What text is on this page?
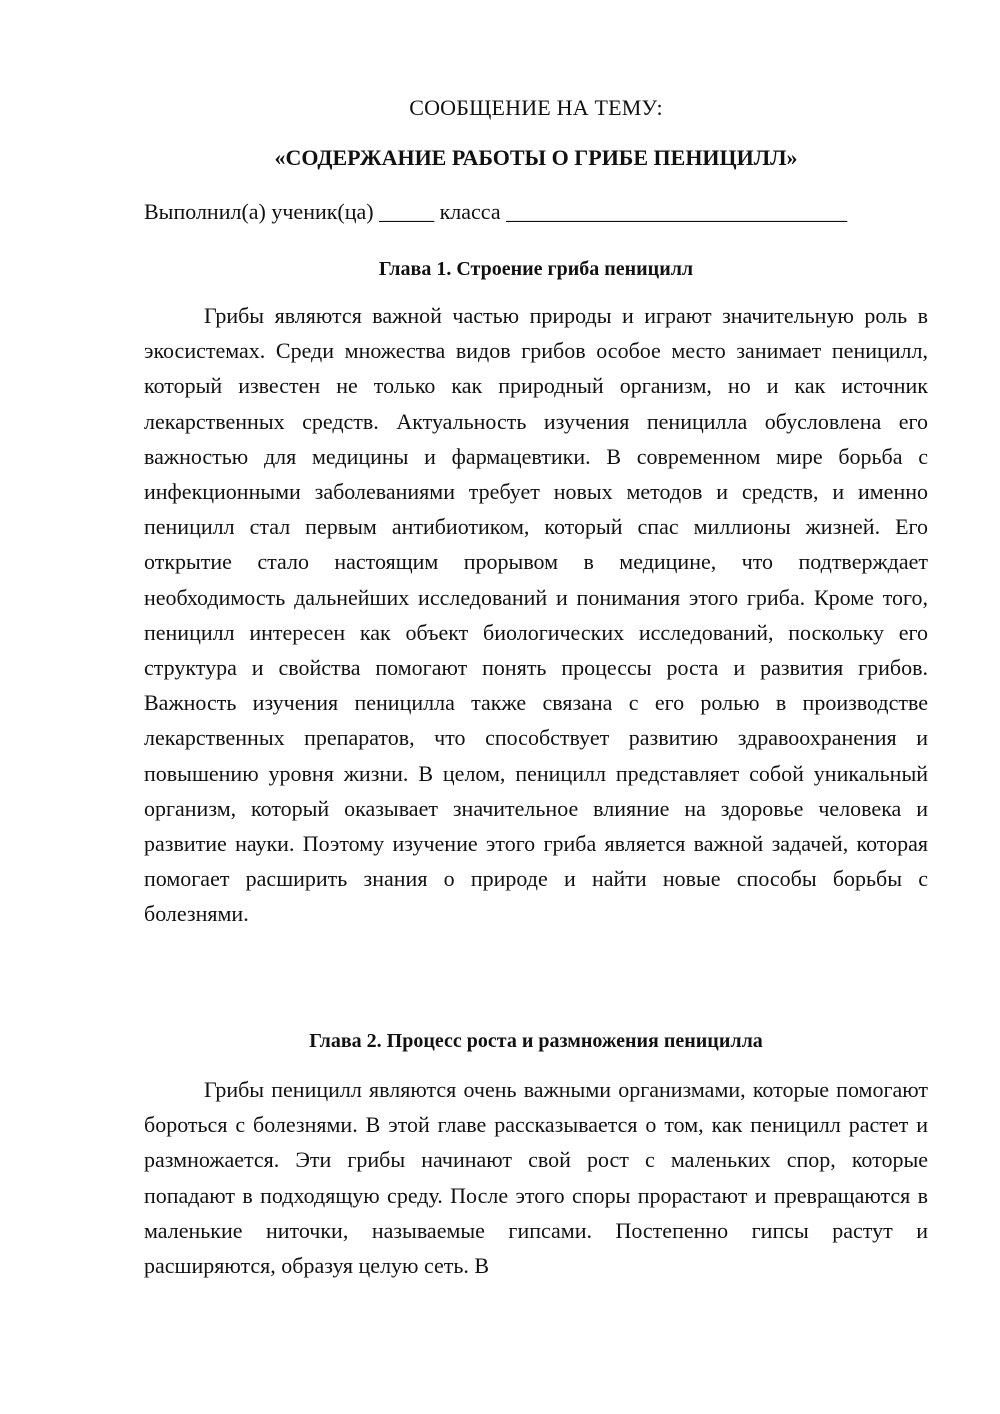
СООБЩЕНИЕ НА ТЕМУ:
«СОДЕРЖАНИЕ РАБОТЫ О ГРИБЕ ПЕНИЦИЛЛ»
Выполнил(а) ученик(ца) _____ класса _______________________________
Глава 1. Строение гриба пеницилл

Грибы являются важной частью природы и играют значительную роль в экосистемах. Среди множества видов грибов особое место занимает пеницилл, который известен не только как природный организм, но и как источник лекарственных средств. Актуальность изучения пеницилла обусловлена его важностью для медицины и фармацевтики. В современном мире борьба с инфекционными заболеваниями требует новых методов и средств, и именно пеницилл стал первым антибиотиком, который спас миллионы жизней. Его открытие стало настоящим прорывом в медицине, что подтверждает необходимость дальнейших исследований и понимания этого гриба. Кроме того, пеницилл интересен как объект биологических исследований, поскольку его структура и свойства помогают понять процессы роста и развития грибов. Важность изучения пеницилла также связана с его ролью в производстве лекарственных препаратов, что способствует развитию здравоохранения и повышению уровня жизни. В целом, пеницилл представляет собой уникальный организм, который оказывает значительное влияние на здоровье человека и развитие науки. Поэтому изучение этого гриба является важной задачей, которая помогает расширить знания о природе и найти новые способы борьбы с болезнями.

Глава 2. Процесс роста и размножения пеницилла

Грибы пеницилл являются очень важными организмами, которые помогают бороться с болезнями. В этой главе рассказывается о том, как пеницилл растет и размножается. Эти грибы начинают свой рост с маленьких спор, которые попадают в подходящую среду. После этого споры прорастают и превращаются в маленькие ниточки, называемые гипсами. Постепенно гипсы растут и расширяются, образуя целую сеть. В
